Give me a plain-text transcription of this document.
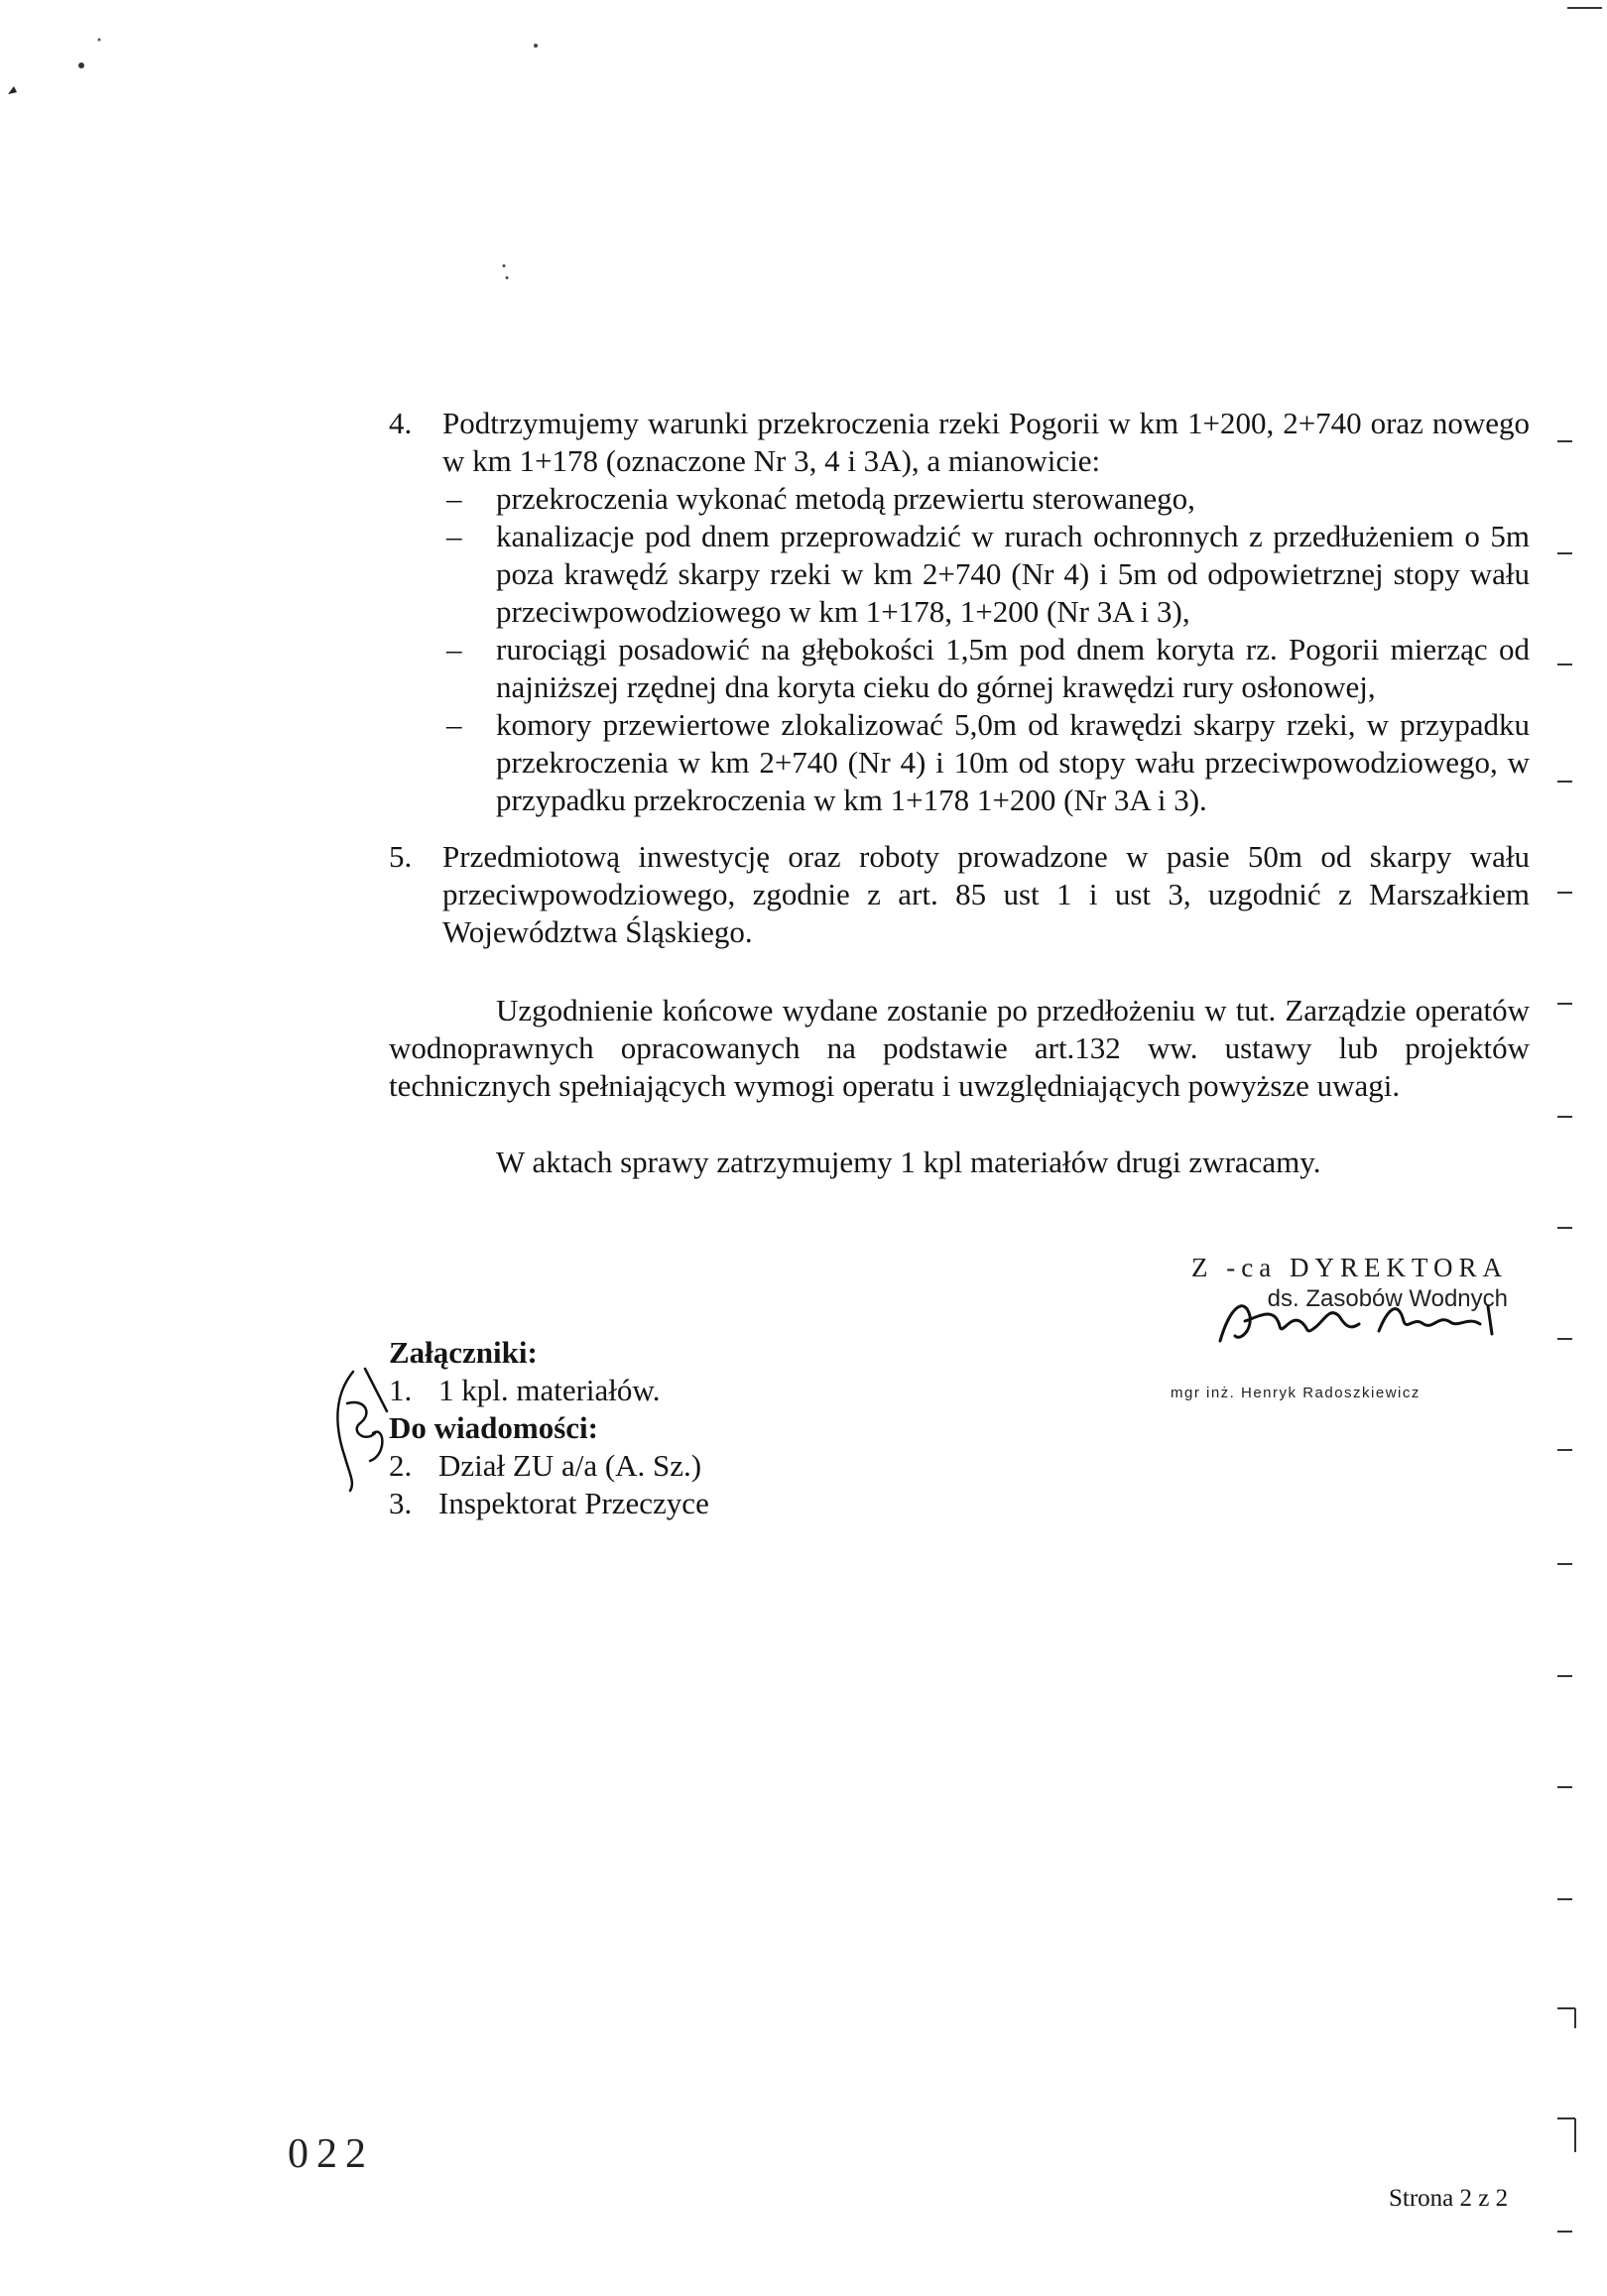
4. Podtrzymujemy warunki przekroczenia rzeki Pogorii w km 1+200, 2+740 oraz nowego w km 1+178 (oznaczone Nr 3, 4 i 3A), a mianowicie:
– przekroczenia wykonać metodą przewiertu sterowanego,
– kanalizacje pod dnem przeprowadzić w rurach ochronnych z przedłużeniem o 5m poza krawędź skarpy rzeki w km 2+740 (Nr 4) i 5m od odpowietrznej stopy wału przeciwpowodziowego w km 1+178, 1+200 (Nr 3A i 3),
– rurociągi posadowić na głębokości 1,5m pod dnem koryta rz. Pogorii mierząc od najniższej rzędnej dna koryta cieku do górnej krawędzi rury osłonowej,
– komory przewiertowe zlokalizować 5,0m od krawędzi skarpy rzeki, w przypadku przekroczenia w km 2+740 (Nr 4) i 10m od stopy wału przeciwpowodziowego, w przypadku przekroczenia w km 1+178 1+200 (Nr 3A i 3).
5. Przedmiotową inwestycję oraz roboty prowadzone w pasie 50m od skarpy wału przeciwpowodziowego, zgodnie z art. 85 ust 1 i ust 3, uzgodnić z Marszałkiem Województwa Śląskiego.
Uzgodnienie końcowe wydane zostanie po przedłożeniu w tut. Zarządzie operatów wodnoprawnych opracowanych na podstawie art.132 ww. ustawy lub projektów technicznych spełniających wymogi operatu i uwzględniających powyższe uwagi.
W aktach sprawy zatrzymujemy 1 kpl materiałów drugi zwracamy.
Z -ca DYREKTORA
ds. Zasobów Wodnych
mgr inż. Henryk Radoszkiewicz
Załączniki:
1. 1 kpl. materiałów.
Do wiadomości:
2. Dział ZU a/a (A. Sz.)
3. Inspektorat Przeczyce
022
Strona 2 z 2
